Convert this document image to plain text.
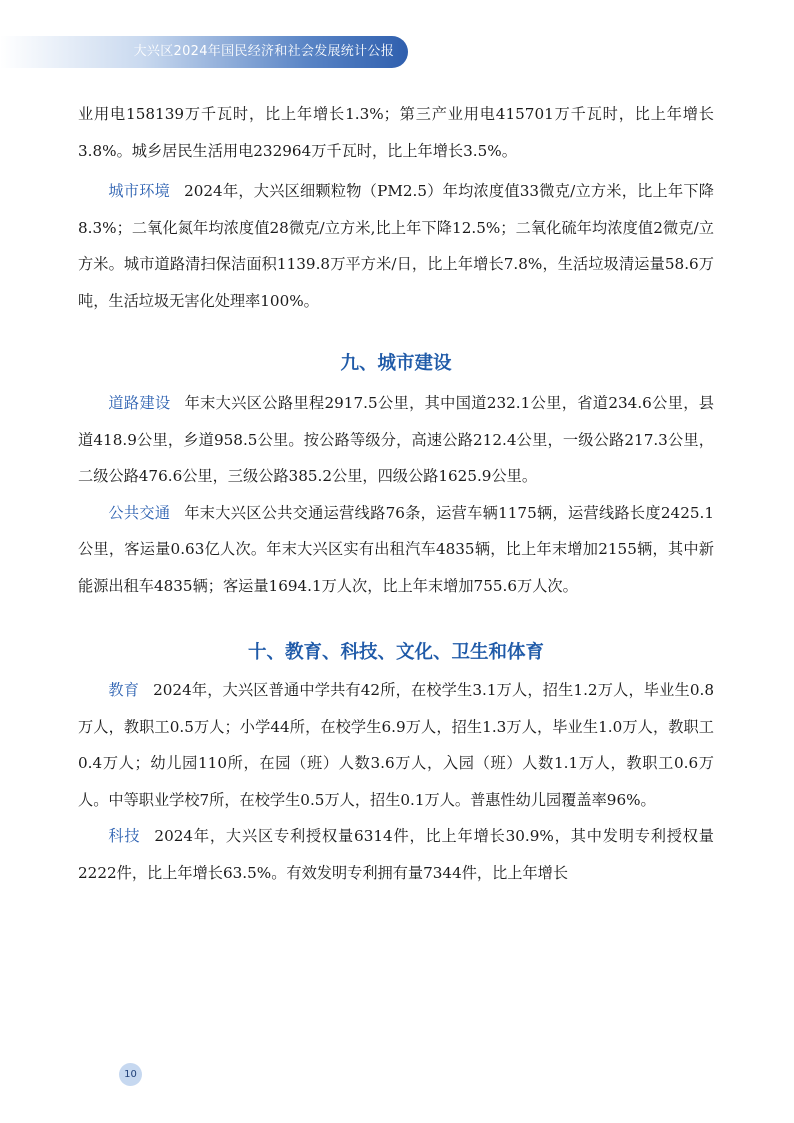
大兴区2024年国民经济和社会发展统计公报

业用电158139万千瓦时，比上年增长1.3%；第三产业用电415701万千瓦时，比上年增长3.8%。城乡居民生活用电232964万千瓦时，比上年增长3.5%。

城市环境 2024年，大兴区细颗粒物（PM2.5）年均浓度值33微克/立方米，比上年下降8.3%；二氧化氮年均浓度值28微克/立方米,比上年下降12.5%；二氧化硫年均浓度值2微克/立方米。城市道路清扫保洁面积1139.8万平方米/日，比上年增长7.8%，生活垃圾清运量58.6万吨，生活垃圾无害化处理率100%。

九、城市建设

道路建设 年末大兴区公路里程2917.5公里，其中国道232.1公里，省道234.6公里，县道418.9公里，乡道958.5公里。按公路等级分，高速公路212.4公里，一级公路217.3公里，二级公路476.6公里，三级公路385.2公里，四级公路1625.9公里。

公共交通 年末大兴区公共交通运营线路76条，运营车辆1175辆，运营线路长度2425.1公里，客运量0.63亿人次。年末大兴区实有出租汽车4835辆，比上年末增加2155辆，其中新能源出租车4835辆；客运量1694.1万人次，比上年末增加755.6万人次。

十、教育、科技、文化、卫生和体育

教育 2024年，大兴区普通中学共有42所，在校学生3.1万人，招生1.2万人，毕业生0.8万人，教职工0.5万人；小学44所，在校学生6.9万人，招生1.3万人，毕业生1.0万人，教职工0.4万人；幼儿园110所，在园（班）人数3.6万人，入园（班）人数1.1万人，教职工0.6万人。中等职业学校7所，在校学生0.5万人，招生0.1万人。普惠性幼儿园覆盖率96%。

科技 2024年，大兴区专利授权量6314件，比上年增长30.9%，其中发明专利授权量2222件，比上年增长63.5%。有效发明专利拥有量7344件，比上年增长

10
